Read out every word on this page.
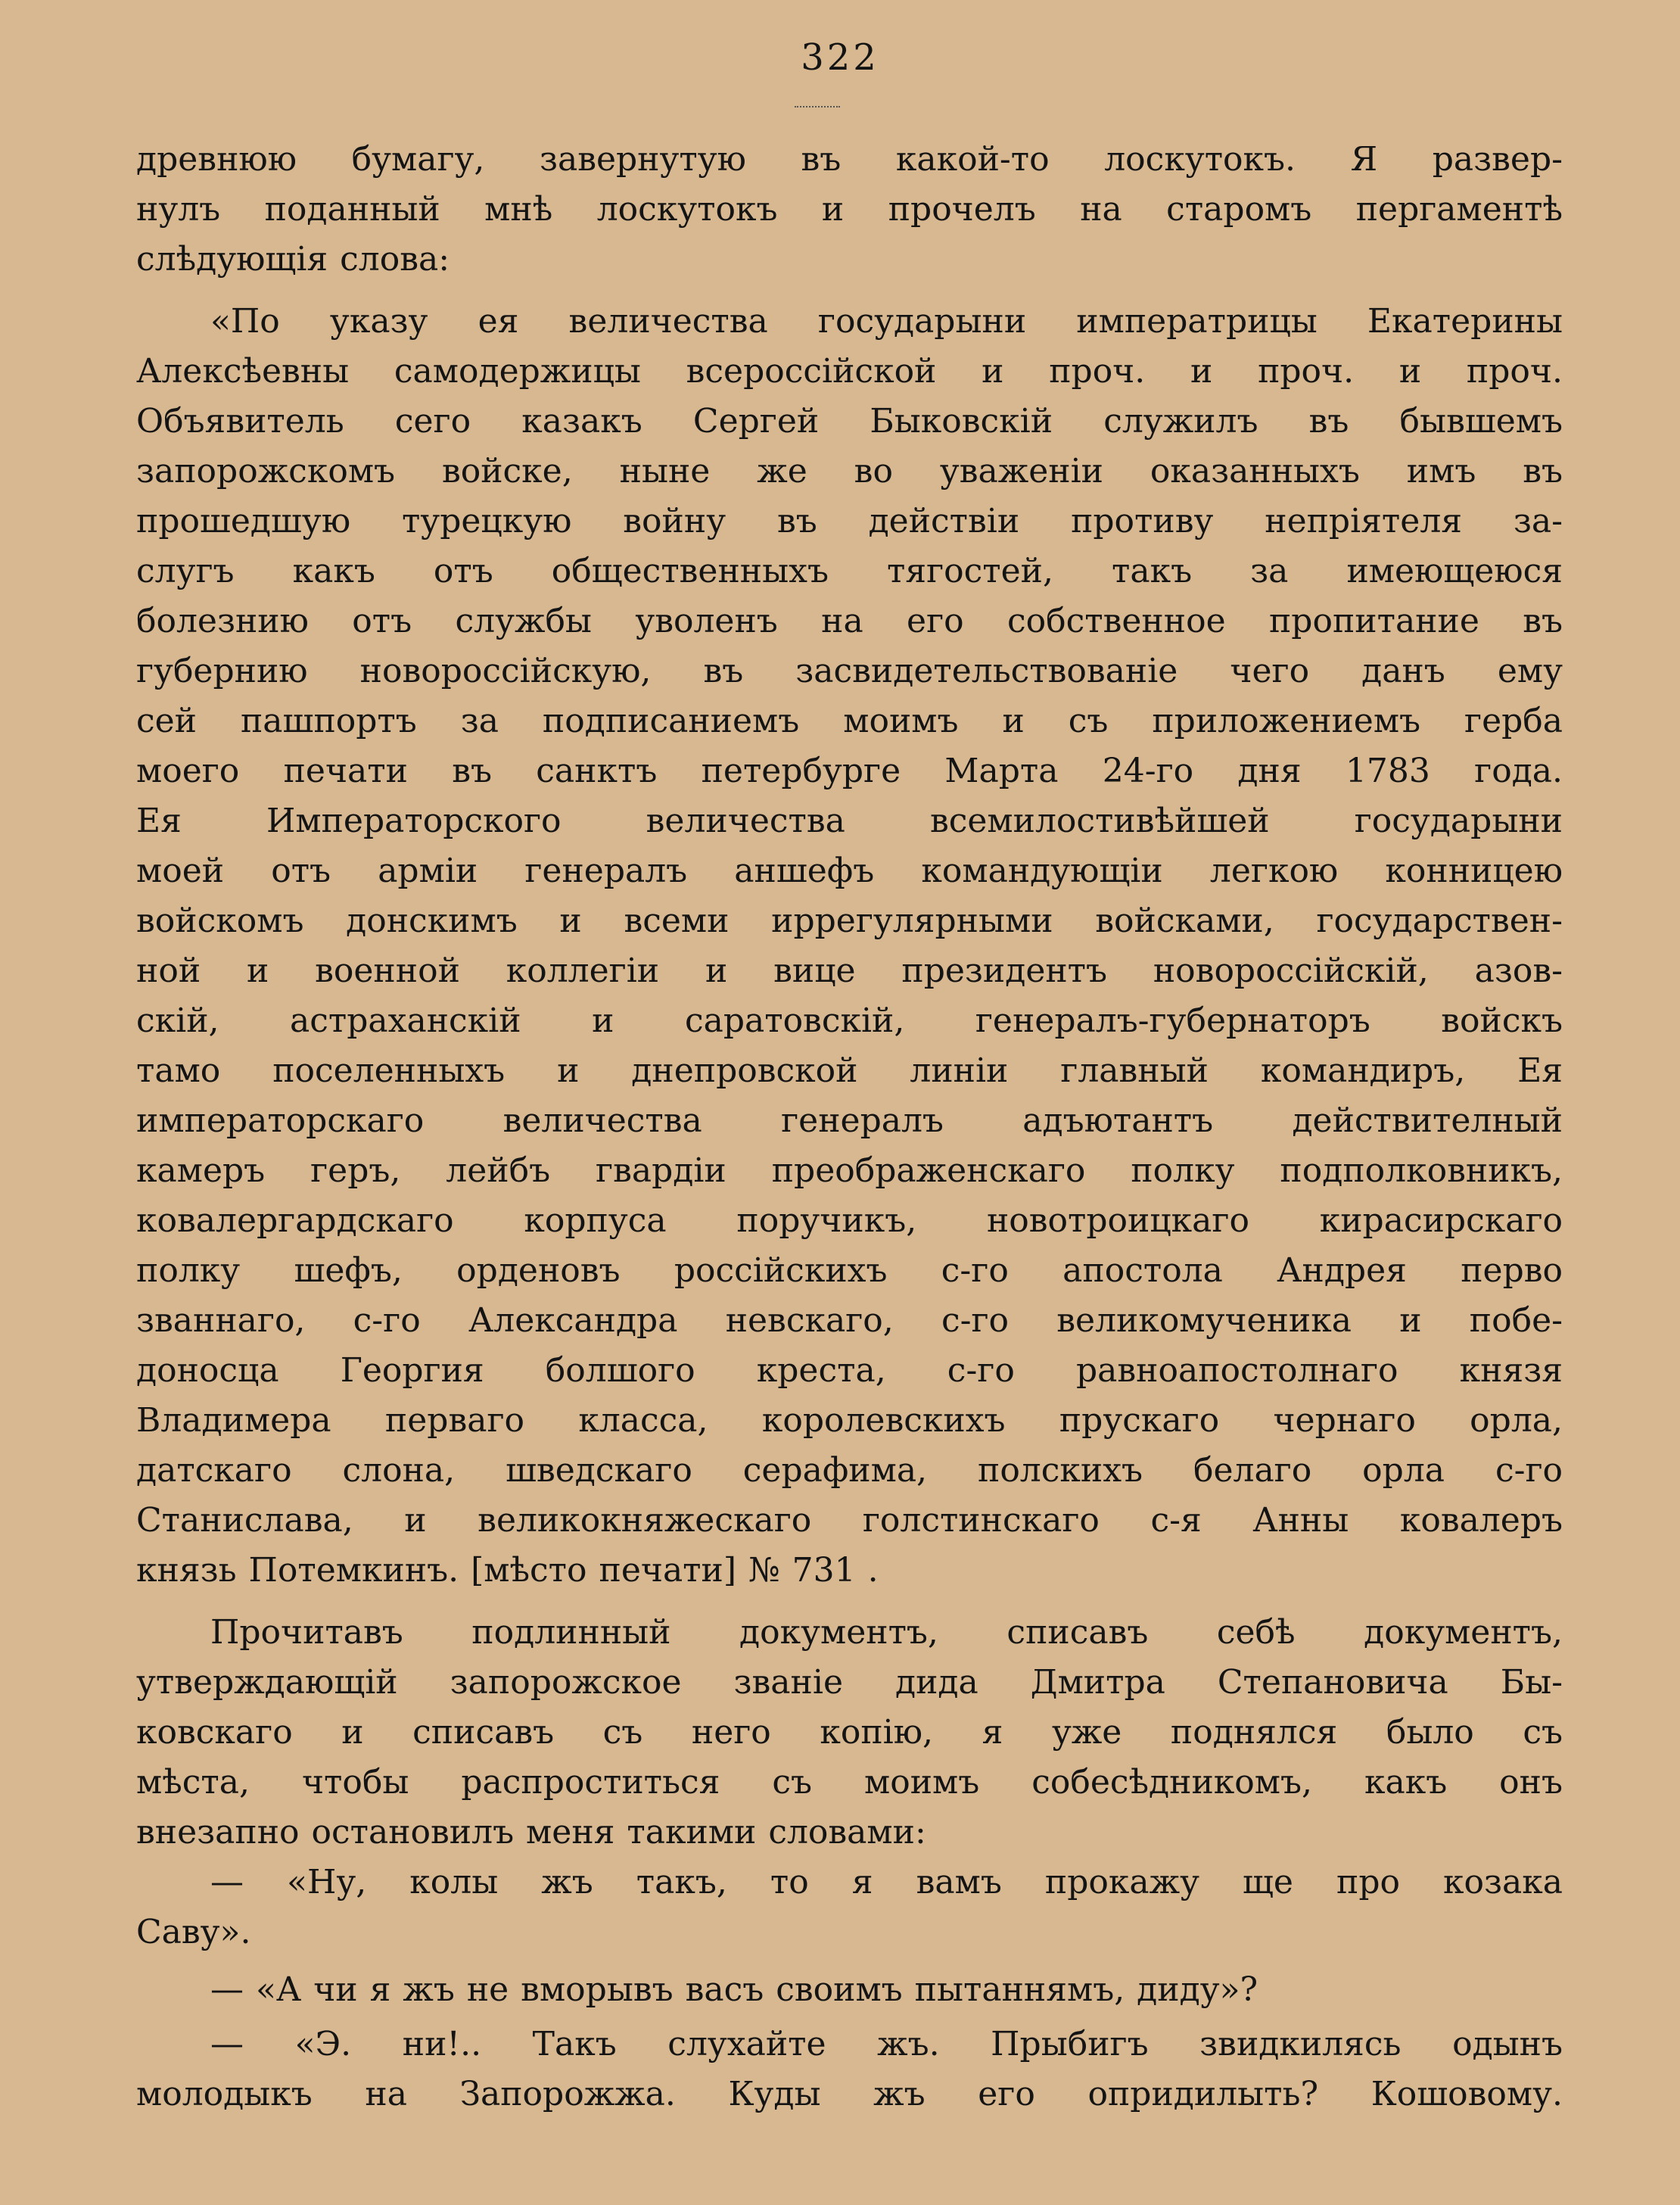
322
древнюю бумагу, завернутую въ какой-то лоскутокъ. Я развер-
нулъ поданный мнѣ лоскутокъ и прочелъ на старомъ пергаментѣ
слѣдующія слова:
«По указу ея величества государыни императрицы Екатерины
Алексѣевны самодержицы всероссійской и проч. и проч. и проч.
Объявитель сего казакъ Сергей Быковскій служилъ въ бывшемъ
запорожскомъ войске, ныне же во уваженіи оказанныхъ имъ въ
прошедшую турецкую войну въ действіи противу непріятеля за-
слугъ какъ отъ общественныхъ тягостей, такъ за имеющеюся
болезнию отъ службы уволенъ на его собственное пропитание въ
губернию новороссійскую, въ засвидетельствованіе чего данъ ему
сей пашпортъ за подписаниемъ моимъ и съ приложениемъ герба
моего печати въ санктъ петербурге Марта 24-го дня 1783 года.
Ея Императорского величества всемилостивѣйшей государыни
моей отъ арміи генералъ аншефъ командующіи легкою конницею
войскомъ донскимъ и всеми иррегулярными войсками, государствен-
ной и военной коллегіи и вице президентъ новороссійскій, азов-
скій, астраханскій и саратовскій, генералъ-губернаторъ войскъ
тамо поселенныхъ и днепровской линіи главный командиръ, Ея
императорскаго величества генералъ адъютантъ действителный
камеръ геръ, лейбъ гвардіи преображенскаго полку подполковникъ,
ковалергардскаго корпуса поручикъ, новотроицкаго кирасирскаго
полку шефъ, орденовъ россійскихъ с-го апостола Андрея перво
званнаго, с-го Александра невскаго, с-го великомученика и побе-
доносца Георгия болшого креста, с-го равноапостолнаго князя
Владимера перваго класса, королевскихъ прускаго чернаго орла,
датскаго слона, шведскаго серафима, полскихъ белаго орла с-го
Станислава, и великокняжескаго голстинскаго с-я Анны ковалеръ
князь Потемкинъ. [мѣсто печати] № 731 .
Прочитавъ подлинный документъ, списавъ себѣ документъ,
утверждающій запорожское званіе дида Дмитра Степановича Бы-
ковскаго и списавъ съ него копію, я уже поднялся было съ
мѣста, чтобы распроститься съ моимъ собесѣдникомъ, какъ онъ
внезапно остановилъ меня такими словами:
— «Ну, колы жъ такъ, то я вамъ прокажу ще про козака
Саву».
— «А чи я жъ не вморывъ васъ своимъ пытаннямъ, диду»?
— «Э. ни!.. Такъ слухайте жъ. Прыбигъ звидкилясь одынъ
молодыкъ на Запорожжа. Куды жъ его опридилыть? Кошовому.
